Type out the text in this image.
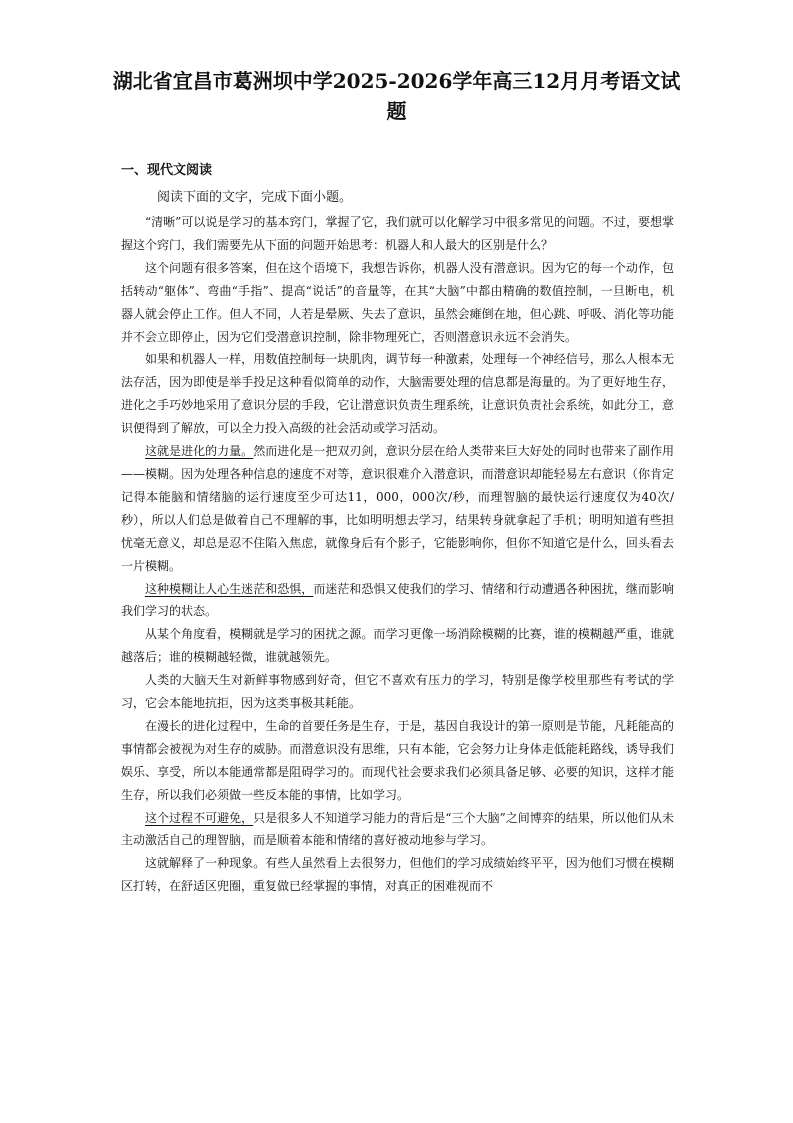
湖北省宜昌市葛洲坝中学2025-2026学年高三12月月考语文试题
一、现代文阅读

阅读下面的文字，完成下面小题。

“清晰”可以说是学习的基本窍门，掌握了它，我们就可以化解学习中很多常见的问题。不过，要想掌握这个窍门，我们需要先从下面的问题开始思考：机器人和人最大的区别是什么？

这个问题有很多答案，但在这个语境下，我想告诉你，机器人没有潜意识。因为它的每一个动作，包括转动“躯体”、弯曲“手指”、提高“说话”的音量等，在其“大脑”中都由精确的数值控制，一旦断电，机器人就会停止工作。但人不同，人若是晕厥、失去了意识，虽然会瘫倒在地，但心跳、呼吸、消化等功能并不会立即停止，因为它们受潜意识控制，除非物理死亡，否则潜意识永远不会消失。

如果和机器人一样，用数值控制每一块肌肉，调节每一种激素，处理每一个神经信号，那么人根本无法存活，因为即使是举手投足这种看似简单的动作，大脑需要处理的信息都是海量的。为了更好地生存，进化之手巧妙地采用了意识分层的手段，它让潜意识负责生理系统，让意识负责社会系统，如此分工，意识便得到了解放，可以全力投入高级的社会活动或学习活动。

这就是进化的力量。然而进化是一把双刃剑，意识分层在给人类带来巨大好处的同时也带来了副作用——模糊。因为处理各种信息的速度不对等，意识很难介入潜意识，而潜意识却能轻易左右意识（你肯定记得本能脑和情绪脑的运行速度至少可达11，000，000次/秒，而理智脑的最快运行速度仅为40次/秒），所以人们总是做着自己不理解的事，比如明明想去学习，结果转身就拿起了手机；明明知道有些担忧毫无意义，却总是忍不住陷入焦虑，就像身后有个影子，它能影响你，但你不知道它是什么，回头看去一片模糊。

这种模糊让人心生迷茫和恐惧，而迷茫和恐惧又使我们的学习、情绪和行动遭遇各种困扰，继而影响我们学习的状态。

从某个角度看，模糊就是学习的困扰之源。而学习更像一场消除模糊的比赛，谁的模糊越严重，谁就越落后；谁的模糊越轻微，谁就越领先。

人类的大脑天生对新鲜事物感到好奇，但它不喜欢有压力的学习，特别是像学校里那些有考试的学习，它会本能地抗拒，因为这类事极其耗能。

在漫长的进化过程中，生命的首要任务是生存，于是，基因自我设计的第一原则是节能，凡耗能高的事情都会被视为对生存的威胁。而潜意识没有思维，只有本能，它会努力让身体走低能耗路线，诱导我们娱乐、享受，所以本能通常都是阻碍学习的。而现代社会要求我们必须具备足够、必要的知识，这样才能生存，所以我们必须做一些反本能的事情，比如学习。

这个过程不可避免，只是很多人不知道学习能力的背后是“三个大脑”之间博弈的结果，所以他们从未主动激活自己的理智脑，而是顺着本能和情绪的喜好被动地参与学习。

这就解释了一种现象。有些人虽然看上去很努力，但他们的学习成绩始终平平，因为他们习惯在模糊区打转，在舒适区兜圈，重复做已经掌握的事情，对真正的困难视而不
